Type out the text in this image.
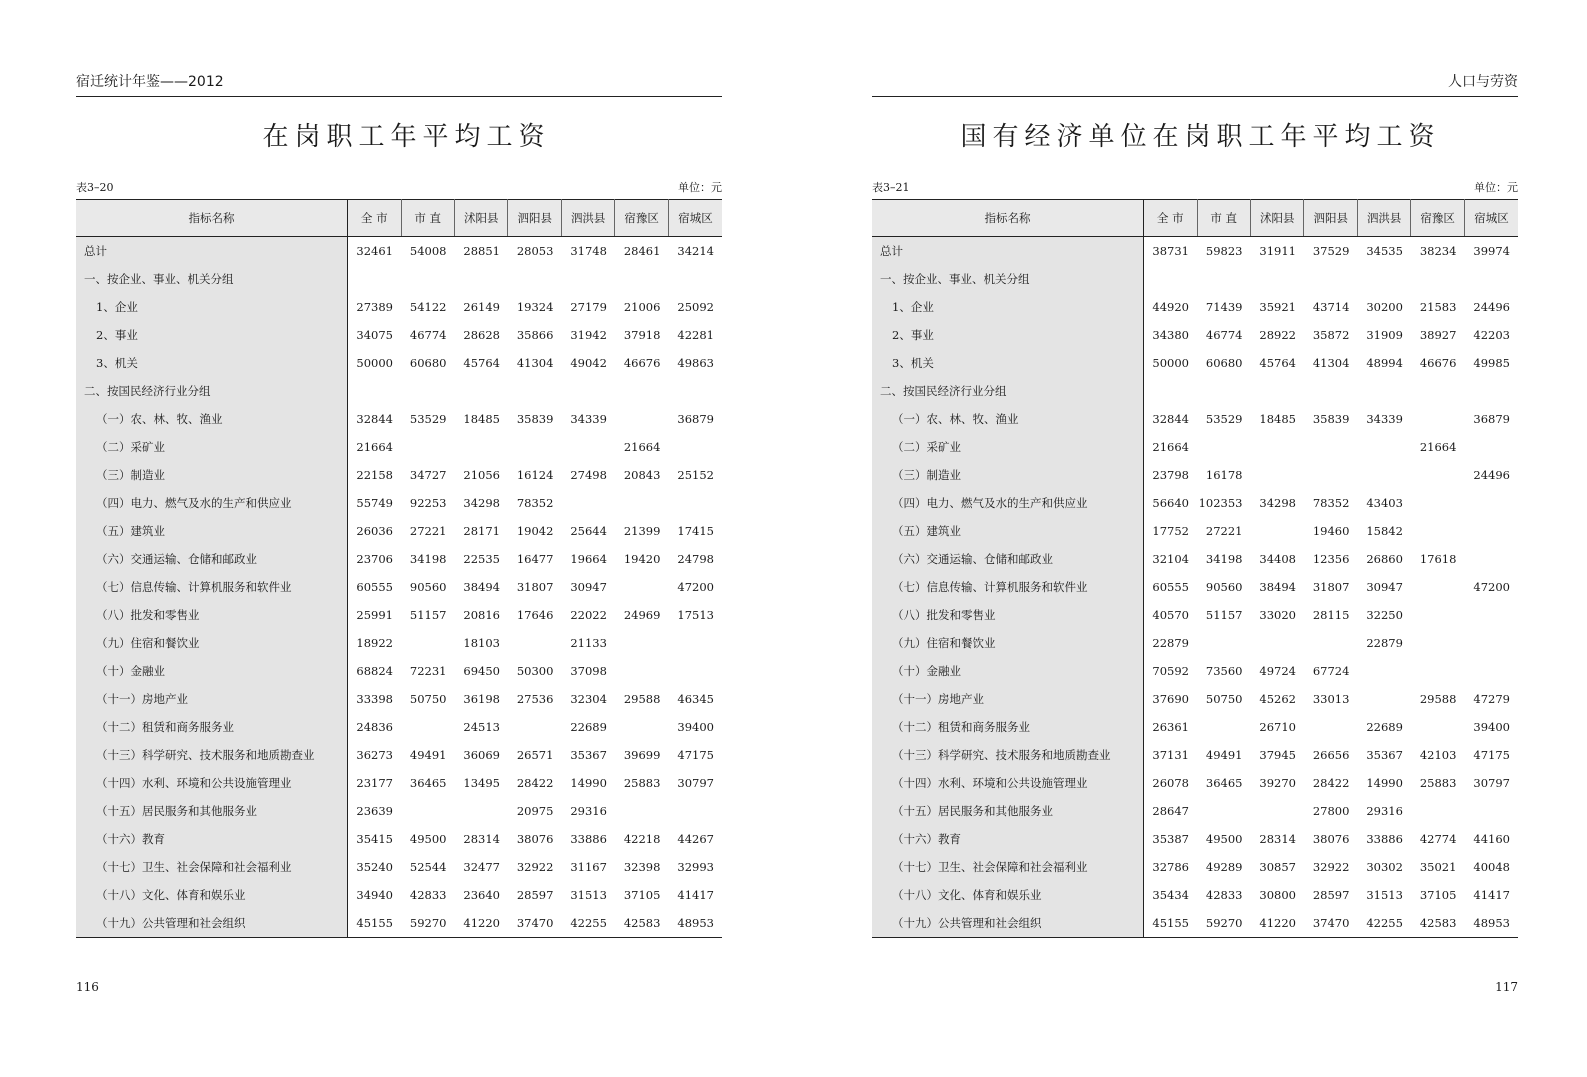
宿迁统计年鉴——2012
在岗职工年平均工资
表3–20	单位：元
指标名称	全 市	市 直	沭阳县	泗阳县	泗洪县	宿豫区	宿城区
总计	32461	54008	28851	28053	31748	28461	34214
一、按企业、事业、机关分组							
1、企业	27389	54122	26149	19324	27179	21006	25092
2、事业	34075	46774	28628	35866	31942	37918	42281
3、机关	50000	60680	45764	41304	49042	46676	49863
二、按国民经济行业分组							
（一）农、林、牧、渔业	32844	53529	18485	35839	34339		36879
（二）采矿业	21664					21664	
（三）制造业	22158	34727	21056	16124	27498	20843	25152
（四）电力、燃气及水的生产和供应业	55749	92253	34298	78352			
（五）建筑业	26036	27221	28171	19042	25644	21399	17415
（六）交通运输、仓储和邮政业	23706	34198	22535	16477	19664	19420	24798
（七）信息传输、计算机服务和软件业	60555	90560	38494	31807	30947		47200
（八）批发和零售业	25991	51157	20816	17646	22022	24969	17513
（九）住宿和餐饮业	18922		18103		21133		
（十）金融业	68824	72231	69450	50300	37098		
（十一）房地产业	33398	50750	36198	27536	32304	29588	46345
（十二）租赁和商务服务业	24836		24513		22689		39400
（十三）科学研究、技术服务和地质勘查业	36273	49491	36069	26571	35367	39699	47175
（十四）水利、环境和公共设施管理业	23177	36465	13495	28422	14990	25883	30797
（十五）居民服务和其他服务业	23639			20975	29316		
（十六）教育	35415	49500	28314	38076	33886	42218	44267
（十七）卫生、社会保障和社会福利业	35240	52544	32477	32922	31167	32398	32993
（十八）文化、体育和娱乐业	34940	42833	23640	28597	31513	37105	41417
（十九）公共管理和社会组织	45155	59270	41220	37470	42255	42583	48953
116
人口与劳资
国有经济单位在岗职工年平均工资
表3–21	单位：元
指标名称	全 市	市 直	沭阳县	泗阳县	泗洪县	宿豫区	宿城区
总计	38731	59823	31911	37529	34535	38234	39974
一、按企业、事业、机关分组							
1、企业	44920	71439	35921	43714	30200	21583	24496
2、事业	34380	46774	28922	35872	31909	38927	42203
3、机关	50000	60680	45764	41304	48994	46676	49985
二、按国民经济行业分组							
（一）农、林、牧、渔业	32844	53529	18485	35839	34339		36879
（二）采矿业	21664					21664	
（三）制造业	23798	16178					24496
（四）电力、燃气及水的生产和供应业	56640	102353	34298	78352	43403		
（五）建筑业	17752	27221		19460	15842		
（六）交通运输、仓储和邮政业	32104	34198	34408	12356	26860	17618	
（七）信息传输、计算机服务和软件业	60555	90560	38494	31807	30947		47200
（八）批发和零售业	40570	51157	33020	28115	32250		
（九）住宿和餐饮业	22879				22879		
（十）金融业	70592	73560	49724	67724			
（十一）房地产业	37690	50750	45262	33013		29588	47279
（十二）租赁和商务服务业	26361		26710		22689		39400
（十三）科学研究、技术服务和地质勘查业	37131	49491	37945	26656	35367	42103	47175
（十四）水利、环境和公共设施管理业	26078	36465	39270	28422	14990	25883	30797
（十五）居民服务和其他服务业	28647			27800	29316		
（十六）教育	35387	49500	28314	38076	33886	42774	44160
（十七）卫生、社会保障和社会福利业	32786	49289	30857	32922	30302	35021	40048
（十八）文化、体育和娱乐业	35434	42833	30800	28597	31513	37105	41417
（十九）公共管理和社会组织	45155	59270	41220	37470	42255	42583	48953
117
